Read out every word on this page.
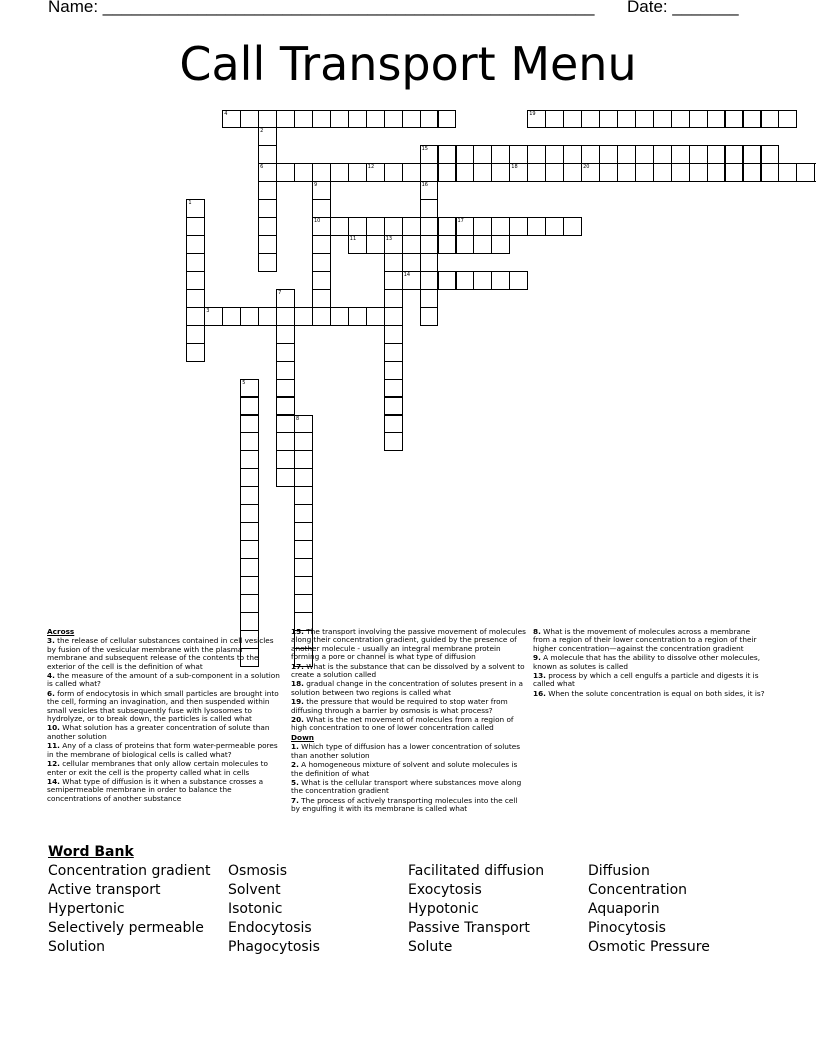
Name: ____________________________________________________ Date: _______
Call Transport Menu
1
2
3
4
5
6
7
8
9
10
11
12
13
14
15
16
17
18
19
20

Across

3. the release of cellular substances contained in cell vesicles by fusion of the vesicular membrane with the plasma membrane and subsequent release of the contents to the exterior of the cell is the definition of what

4. the measure of the amount of a sub-component in a solution is called what?

6. form of endocytosis in which small particles are brought into the cell, forming an invagination, and then suspended within small vesicles that subsequently fuse with lysosomes to hydrolyze, or to break down, the particles is called what

10. What solution has a greater concentration of solute than another solution

11. Any of a class of proteins that form water-permeable pores in the membrane of biological cells is called what?

12. cellular membranes that only allow certain molecules to enter or exit the cell is the property called what in cells

14. What type of diffusion is it when a substance crosses a semipermeable membrane in order to balance the concentrations of another substance

15. The transport involving the passive movement of molecules along their concentration gradient, guided by the presence of another molecule - usually an integral membrane protein forming a pore or channel is what type of diffusion

17. What is the substance that can be dissolved by a solvent to create a solution called

18. gradual change in the concentration of solutes present in a solution between two regions is called what

19. the pressure that would be required to stop water from diffusing through a barrier by osmosis is what process?

20. What is the net movement of molecules from a region of high concentration to one of lower concentration called

Down

1. Which type of diffusion has a lower concentration of solutes than another solution

2. A homogeneous mixture of solvent and solute molecules is the definition of what

5. What is the cellular transport where substances move along the concentration gradient

7. The process of actively transporting molecules into the cell by engulfing it with its membrane is called what

8. What is the movement of molecules across a membrane from a region of their lower concentration to a region of their higher concentration—against the concentration gradient

9. A molecule that has the ability to dissolve other molecules, known as solutes is called

13. process by which a cell engulfs a particle and digests it is called what

16. When the solute concentration is equal on both sides, it is?

Word Bank
Concentration gradient
Active transport
Hypertonic
Selectively permeable
Solution
Osmosis
Solvent
Isotonic
Endocytosis
Phagocytosis
Facilitated diffusion
Exocytosis
Hypotonic
Passive Transport
Solute
Diffusion
Concentration
Aquaporin
Pinocytosis
Osmotic Pressure
